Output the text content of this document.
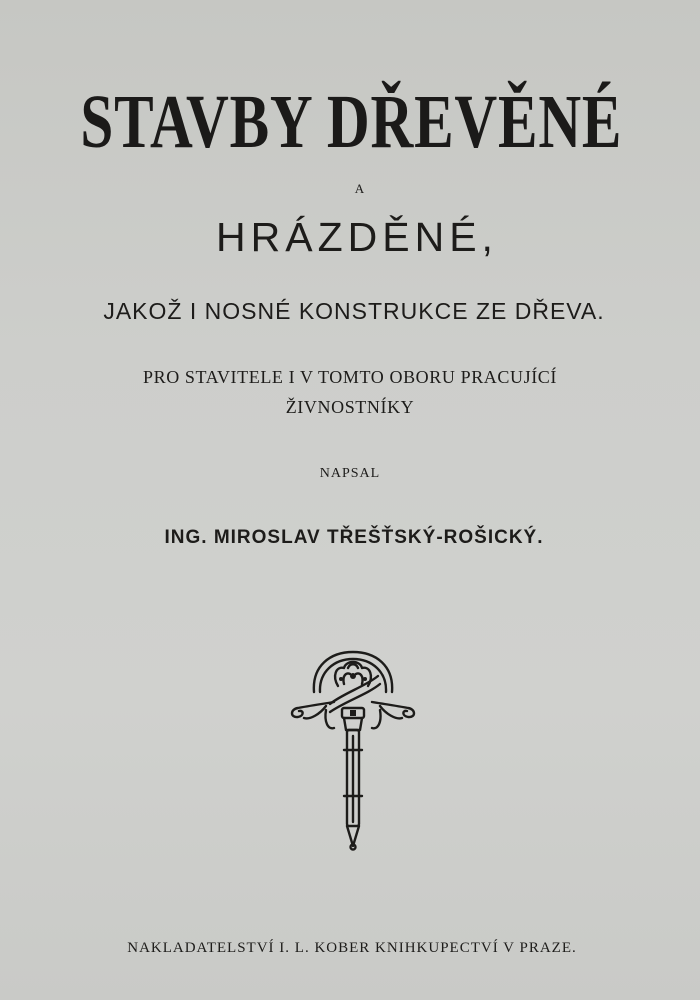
STAVBY DŘEVĚNÉ
A
HRÁZDĚNÉ,
JAKOŽ I NOSNÉ KONSTRUKCE ZE DŘEVA.
PRO STAVITELE I V TOMTO OBORU PRACUJÍCÍ
ŽIVNOSTNÍKY
NAPSAL
ING. MIROSLAV TŘEŠŤSKÝ-ROŠICKÝ.
NAKLADATELSTVÍ I. L. KOBER KNIHKUPECTVÍ V PRAZE.
